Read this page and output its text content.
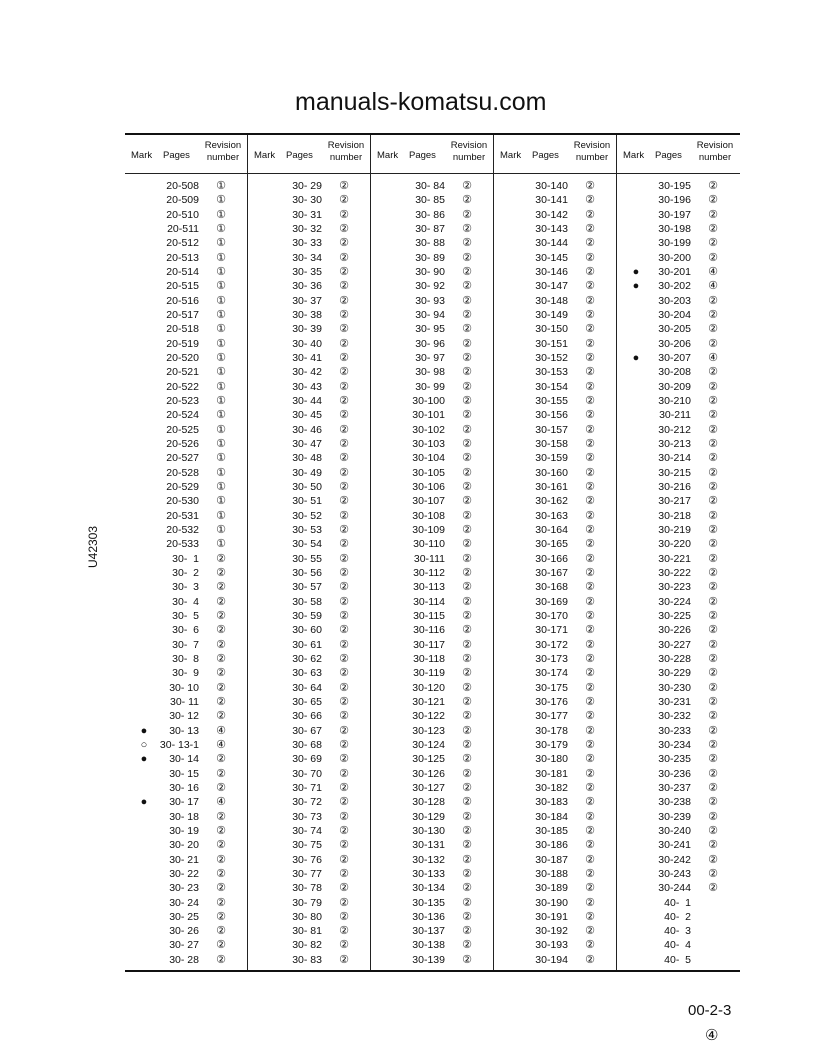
U42303
manuals-komatsu.com
Mark Pages
Revision number
20-508 ①
20-509 ①
20-510 ①
20-511 ①
20-512 ①
20-513 ①
20-514 ①
20-515 ①
20-516 ①
20-517 ①
20-518 ①
20-519 ①
20-520 ①
20-521 ①
20-522 ①
20-523 ①
20-524 ①
20-525 ①
20-526 ①
20-527 ①
20-528 ①
20-529 ①
20-530 ①
20-531 ①
20-532 ①
20-533 ①
30-  1 ②
30-  2 ②
30-  3 ②
30-  4 ②
30-  5 ②
30-  6 ②
30-  7 ②
30-  8 ②
30-  9 ②
30- 10 ②
30- 11 ②
30- 12 ②
●	30- 13 ④
○	30- 13-1 ④
●	30- 14 ②
30- 15 ②
30- 16 ②
●	30- 17 ④
30- 18 ②
30- 19 ②
30- 20 ②
30- 21 ②
30- 22 ②
30- 23 ②
30- 24 ②
30- 25 ②
30- 26 ②
30- 27 ②
30- 28 ②
Mark Pages
Revision number
30- 29 ②
30- 30 ②
30- 31 ②
30- 32 ②
30- 33 ②
30- 34 ②
30- 35 ②
30- 36 ②
30- 37 ②
30- 38 ②
30- 39 ②
30- 40 ②
30- 41 ②
30- 42 ②
30- 43 ②
30- 44 ②
30- 45 ②
30- 46 ②
30- 47 ②
30- 48 ②
30- 49 ②
30- 50 ②
30- 51 ②
30- 52 ②
30- 53 ②
30- 54 ②
30- 55 ②
30- 56 ②
30- 57 ②
30- 58 ②
30- 59 ②
30- 60 ②
30- 61 ②
30- 62 ②
30- 63 ②
30- 64 ②
30- 65 ②
30- 66 ②
30- 67 ②
30- 68 ②
30- 69 ②
30- 70 ②
30- 71 ②
30- 72 ②
30- 73 ②
30- 74 ②
30- 75 ②
30- 76 ②
30- 77 ②
30- 78 ②
30- 79 ②
30- 80 ②
30- 81 ②
30- 82 ②
30- 83 ②
Mark Pages
Revision number
30- 84 ②
30- 85 ②
30- 86 ②
30- 87 ②
30- 88 ②
30- 89 ②
30- 90 ②
30- 92 ②
30- 93 ②
30- 94 ②
30- 95 ②
30- 96 ②
30- 97 ②
30- 98 ②
30- 99 ②
30-100 ②
30-101 ②
30-102 ②
30-103 ②
30-104 ②
30-105 ②
30-106 ②
30-107 ②
30-108 ②
30-109 ②
30-110 ②
30-111 ②
30-112 ②
30-113 ②
30-114 ②
30-115 ②
30-116 ②
30-117 ②
30-118 ②
30-119 ②
30-120 ②
30-121 ②
30-122 ②
30-123 ②
30-124 ②
30-125 ②
30-126 ②
30-127 ②
30-128 ②
30-129 ②
30-130 ②
30-131 ②
30-132 ②
30-133 ②
30-134 ②
30-135 ②
30-136 ②
30-137 ②
30-138 ②
30-139 ②
Mark Pages
Revision number
30-140 ②
30-141 ②
30-142 ②
30-143 ②
30-144 ②
30-145 ②
30-146 ②
30-147 ②
30-148 ②
30-149 ②
30-150 ②
30-151 ②
30-152 ②
30-153 ②
30-154 ②
30-155 ②
30-156 ②
30-157 ②
30-158 ②
30-159 ②
30-160 ②
30-161 ②
30-162 ②
30-163 ②
30-164 ②
30-165 ②
30-166 ②
30-167 ②
30-168 ②
30-169 ②
30-170 ②
30-171 ②
30-172 ②
30-173 ②
30-174 ②
30-175 ②
30-176 ②
30-177 ②
30-178 ②
30-179 ②
30-180 ②
30-181 ②
30-182 ②
30-183 ②
30-184 ②
30-185 ②
30-186 ②
30-187 ②
30-188 ②
30-189 ②
30-190 ②
30-191 ②
30-192 ②
30-193 ②
30-194 ②
Mark Pages
Revision number
30-195 ②
30-196 ②
30-197 ②
30-198 ②
30-199 ②
30-200 ②
●	30-201 ④
●	30-202 ④
30-203 ②
30-204 ②
30-205 ②
30-206 ②
●	30-207 ④
30-208 ②
30-209 ②
30-210 ②
30-211 ②
30-212 ②
30-213 ②
30-214 ②
30-215 ②
30-216 ②
30-217 ②
30-218 ②
30-219 ②
30-220 ②
30-221 ②
30-222 ②
30-223 ②
30-224 ②
30-225 ②
30-226 ②
30-227 ②
30-228 ②
30-229 ②
30-230 ②
30-231 ②
30-232 ②
30-233 ②
30-234 ②
30-235 ②
30-236 ②
30-237 ②
30-238 ②
30-239 ②
30-240 ②
30-241 ②
30-242 ②
30-243 ②
30-244 ②
40-  1
40-  2
40-  3
40-  4
40-  5
00-2-3
④
